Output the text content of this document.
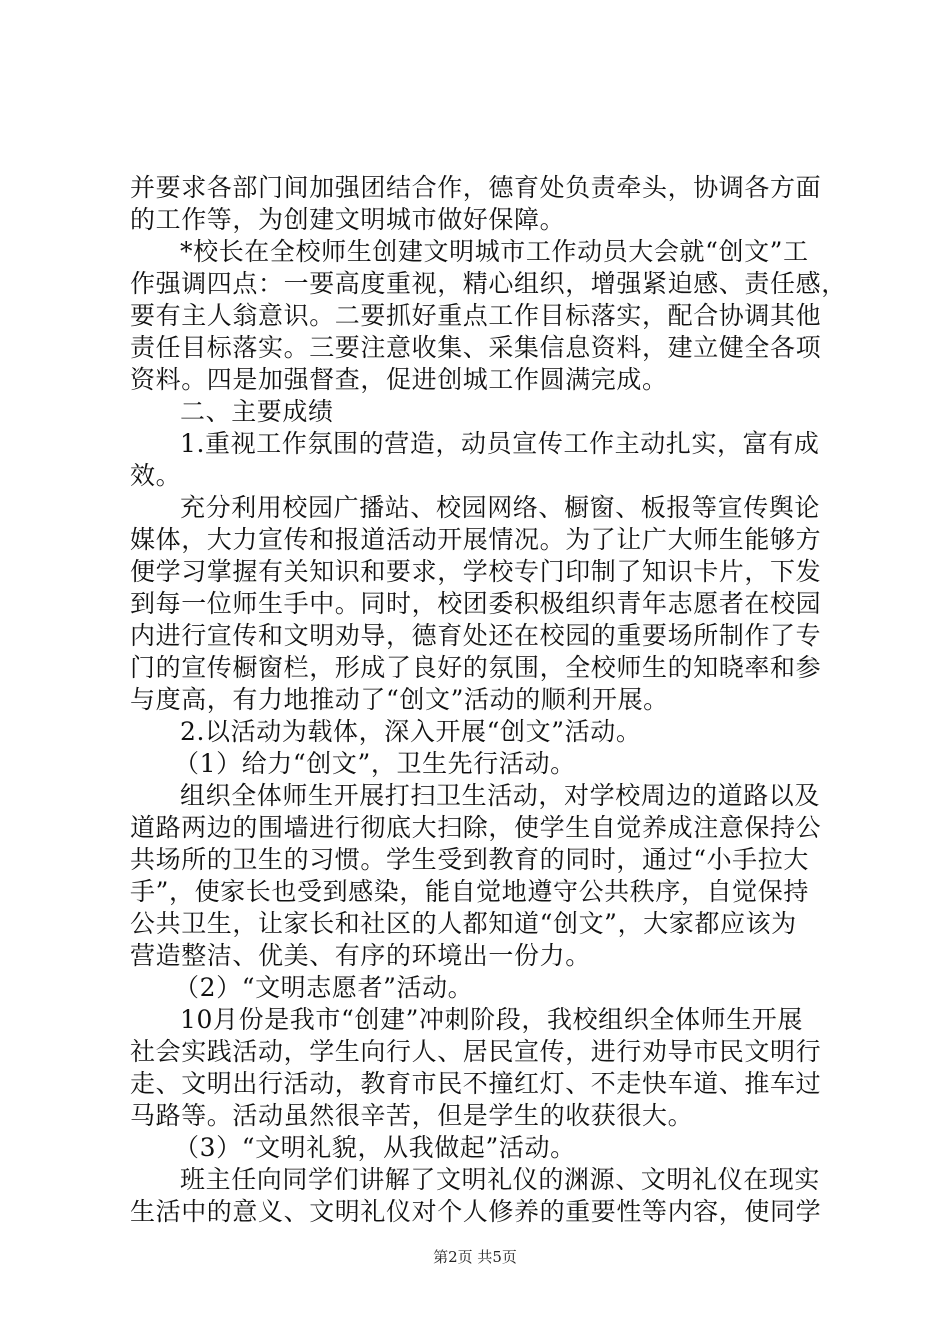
并要求各部门间加强团结合作，德育处负责牵头，协调各方面
的工作等，为创建文明城市做好保障。
*校长在全校师生创建文明城市工作动员大会就“创文”工
作强调四点：一要高度重视，精心组织，增强紧迫感、责任感，
要有主人翁意识。二要抓好重点工作目标落实，配合协调其他
责任目标落实。三要注意收集、采集信息资料，建立健全各项
资料。四是加强督查，促进创城工作圆满完成。
二、主要成绩
1.重视工作氛围的营造，动员宣传工作主动扎实，富有成
效。
充分利用校园广播站、校园网络、橱窗、板报等宣传舆论
媒体，大力宣传和报道活动开展情况。为了让广大师生能够方
便学习掌握有关知识和要求，学校专门印制了知识卡片，下发
到每一位师生手中。同时，校团委积极组织青年志愿者在校园
内进行宣传和文明劝导，德育处还在校园的重要场所制作了专
门的宣传橱窗栏，形成了良好的氛围，全校师生的知晓率和参
与度高，有力地推动了“创文”活动的顺利开展。
2.以活动为载体，深入开展“创文”活动。
（1）给力“创文”，卫生先行活动。
组织全体师生开展打扫卫生活动，对学校周边的道路以及
道路两边的围墙进行彻底大扫除，使学生自觉养成注意保持公
共场所的卫生的习惯。学生受到教育的同时，通过“小手拉大
手”，使家长也受到感染，能自觉地遵守公共秩序，自觉保持
公共卫生，让家长和社区的人都知道“创文”，大家都应该为
营造整洁、优美、有序的环境出一份力。
（2）“文明志愿者”活动。
10月份是我市“创建”冲刺阶段，我校组织全体师生开展
社会实践活动，学生向行人、居民宣传，进行劝导市民文明行
走、文明出行活动，教育市民不撞红灯、不走快车道、推车过
马路等。活动虽然很辛苦，但是学生的收获很大。
（3）“文明礼貌，从我做起”活动。
班主任向同学们讲解了文明礼仪的渊源、文明礼仪在现实
生活中的意义、文明礼仪对个人修养的重要性等内容，使同学
第2页 共5页
